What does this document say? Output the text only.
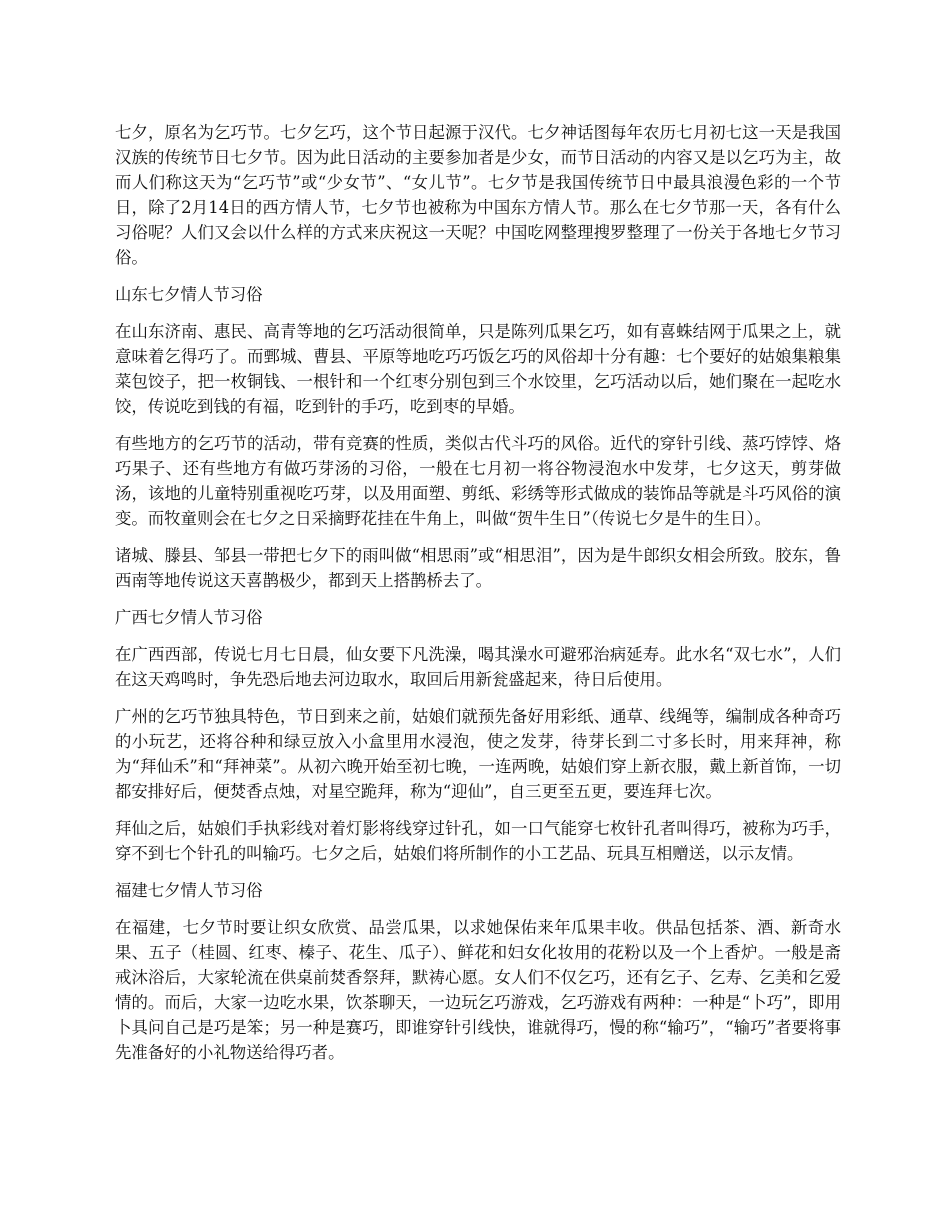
七夕，原名为乞巧节。七夕乞巧，这个节日起源于汉代。七夕神话图每年农历七月初七这一天是我国汉族的传统节日七夕节。因为此日活动的主要参加者是少女，而节日活动的内容又是以乞巧为主，故而人们称这天为“乞巧节”或“少女节”、“女儿节”。七夕节是我国传统节日中最具浪漫色彩的一个节日，除了2月14日的西方情人节，七夕节也被称为中国东方情人节。那么在七夕节那一天，各有什么习俗呢？人们又会以什么样的方式来庆祝这一天呢？中国吃网整理搜罗整理了一份关于各地七夕节习俗。

山东七夕情人节习俗

在山东济南、惠民、高青等地的乞巧活动很简单，只是陈列瓜果乞巧，如有喜蛛结网于瓜果之上，就意味着乞得巧了。而鄄城、曹县、平原等地吃巧巧饭乞巧的风俗却十分有趣：七个要好的姑娘集粮集菜包饺子，把一枚铜钱、一根针和一个红枣分别包到三个水饺里，乞巧活动以后，她们聚在一起吃水饺，传说吃到钱的有福，吃到针的手巧，吃到枣的早婚。

有些地方的乞巧节的活动，带有竞赛的性质，类似古代斗巧的风俗。近代的穿针引线、蒸巧饽饽、烙巧果子、还有些地方有做巧芽汤的习俗，一般在七月初一将谷物浸泡水中发芽，七夕这天，剪芽做汤，该地的儿童特别重视吃巧芽，以及用面塑、剪纸、彩绣等形式做成的装饰品等就是斗巧风俗的演变。而牧童则会在七夕之日采摘野花挂在牛角上，叫做“贺牛生日”（传说七夕是牛的生日）。

诸城、滕县、邹县一带把七夕下的雨叫做“相思雨”或“相思泪”，因为是牛郎织女相会所致。胶东，鲁西南等地传说这天喜鹊极少，都到天上搭鹊桥去了。

广西七夕情人节习俗

在广西西部，传说七月七日晨，仙女要下凡洗澡，喝其澡水可避邪治病延寿。此水名“双七水”，人们在这天鸡鸣时，争先恐后地去河边取水，取回后用新瓮盛起来，待日后使用。

广州的乞巧节独具特色，节日到来之前，姑娘们就预先备好用彩纸、通草、线绳等，编制成各种奇巧的小玩艺，还将谷种和绿豆放入小盒里用水浸泡，使之发芽，待芽长到二寸多长时，用来拜神，称为“拜仙禾”和“拜神菜”。从初六晚开始至初七晚，一连两晚，姑娘们穿上新衣服，戴上新首饰，一切都安排好后，便焚香点烛，对星空跪拜，称为“迎仙”，自三更至五更，要连拜七次。

拜仙之后，姑娘们手执彩线对着灯影将线穿过针孔，如一口气能穿七枚针孔者叫得巧，被称为巧手，穿不到七个针孔的叫输巧。七夕之后，姑娘们将所制作的小工艺品、玩具互相赠送，以示友情。

福建七夕情人节习俗

在福建，七夕节时要让织女欣赏、品尝瓜果，以求她保佑来年瓜果丰收。供品包括茶、酒、新奇水果、五子（桂圆、红枣、榛子、花生、瓜子）、鲜花和妇女化妆用的花粉以及一个上香炉。一般是斋戒沐浴后，大家轮流在供桌前焚香祭拜，默祷心愿。女人们不仅乞巧，还有乞子、乞寿、乞美和乞爱情的。而后，大家一边吃水果，饮茶聊天，一边玩乞巧游戏，乞巧游戏有两种：一种是“卜巧”，即用卜具问自己是巧是笨；另一种是赛巧，即谁穿针引线快，谁就得巧，慢的称“输巧”，“输巧”者要将事先准备好的小礼物送给得巧者。
